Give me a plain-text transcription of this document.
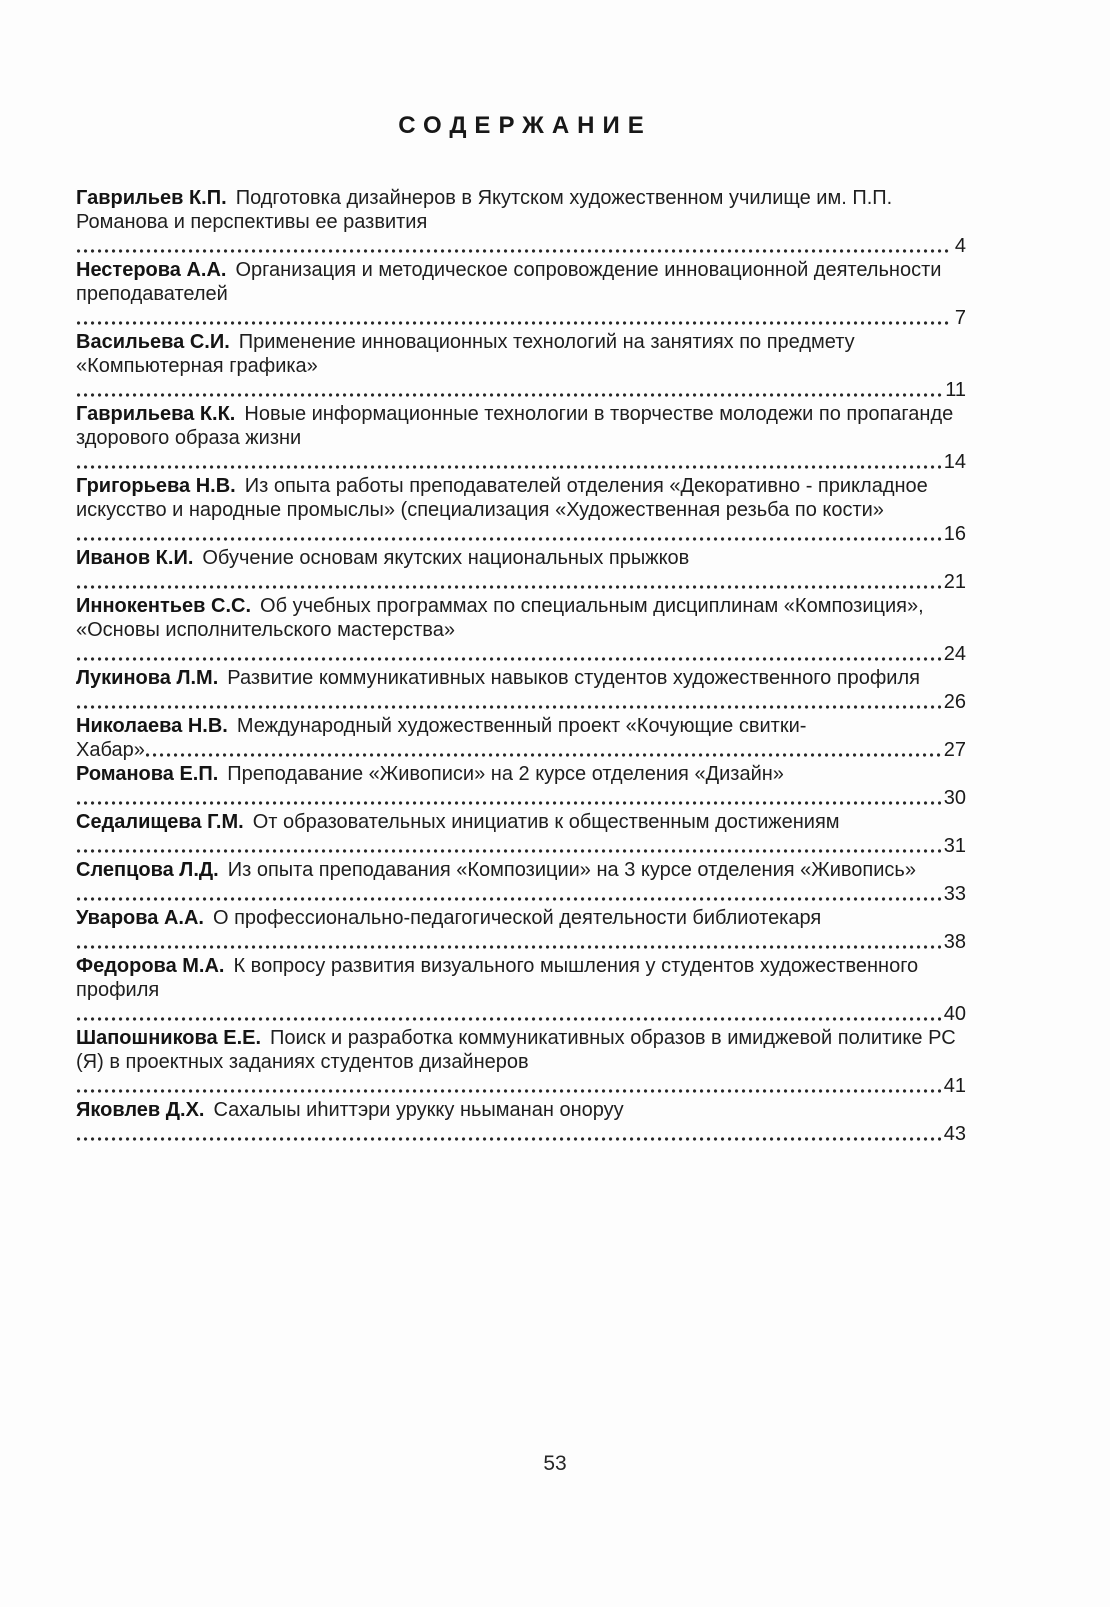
СОДЕРЖАНИЕ

Гаврильев К.П. Подготовка дизайнеров в Якутском художественном училище им. П.П. Романова и перспективы ее развития

4

Нестерова А.А. Организация и методическое сопровождение инновационной деятельности преподавателей

7

Васильева С.И. Применение инновационных технологий на занятиях по предмету «Компьютерная графика»

11

Гаврильева К.К. Новые информационные технологии в творчестве молодежи по пропаганде здорового образа жизни

14

Григорьева Н.В. Из опыта работы преподавателей отделения «Декоративно - прикладное искусство и народные промыслы» (специализация «Художественная резьба по кости»

16

Иванов К.И. Обучение основам якутских национальных прыжков

21

Иннокентьев С.С. Об учебных программах по специальным дисциплинам «Композиция», «Основы исполнительского мастерства»

24

Лукинова Л.М. Развитие коммуникативных навыков студентов художественного профиля

26

Николаева Н.В. Международный художественный проект «Кочующие свитки-

Хабар»	27

Романова Е.П. Преподавание «Живописи» на 2 курсе отделения «Дизайн»

30

Седалищева Г.М. От образовательных инициатив к общественным достижениям

31

Слепцова Л.Д. Из опыта преподавания «Композиции» на 3 курсе отделения «Живопись»

33

Уварова А.А. О профессионально-педагогической деятельности библиотекаря

38

Федорова М.А. К вопросу развития визуального мышления у студентов художественного профиля

40

Шапошникова Е.Е. Поиск и разработка коммуникативных образов в имиджевой политике РС (Я) в проектных заданиях студентов дизайнеров

41

Яковлев Д.Х. Сахалыы иһиттэри урукку ньыманан оноруу

43
53
